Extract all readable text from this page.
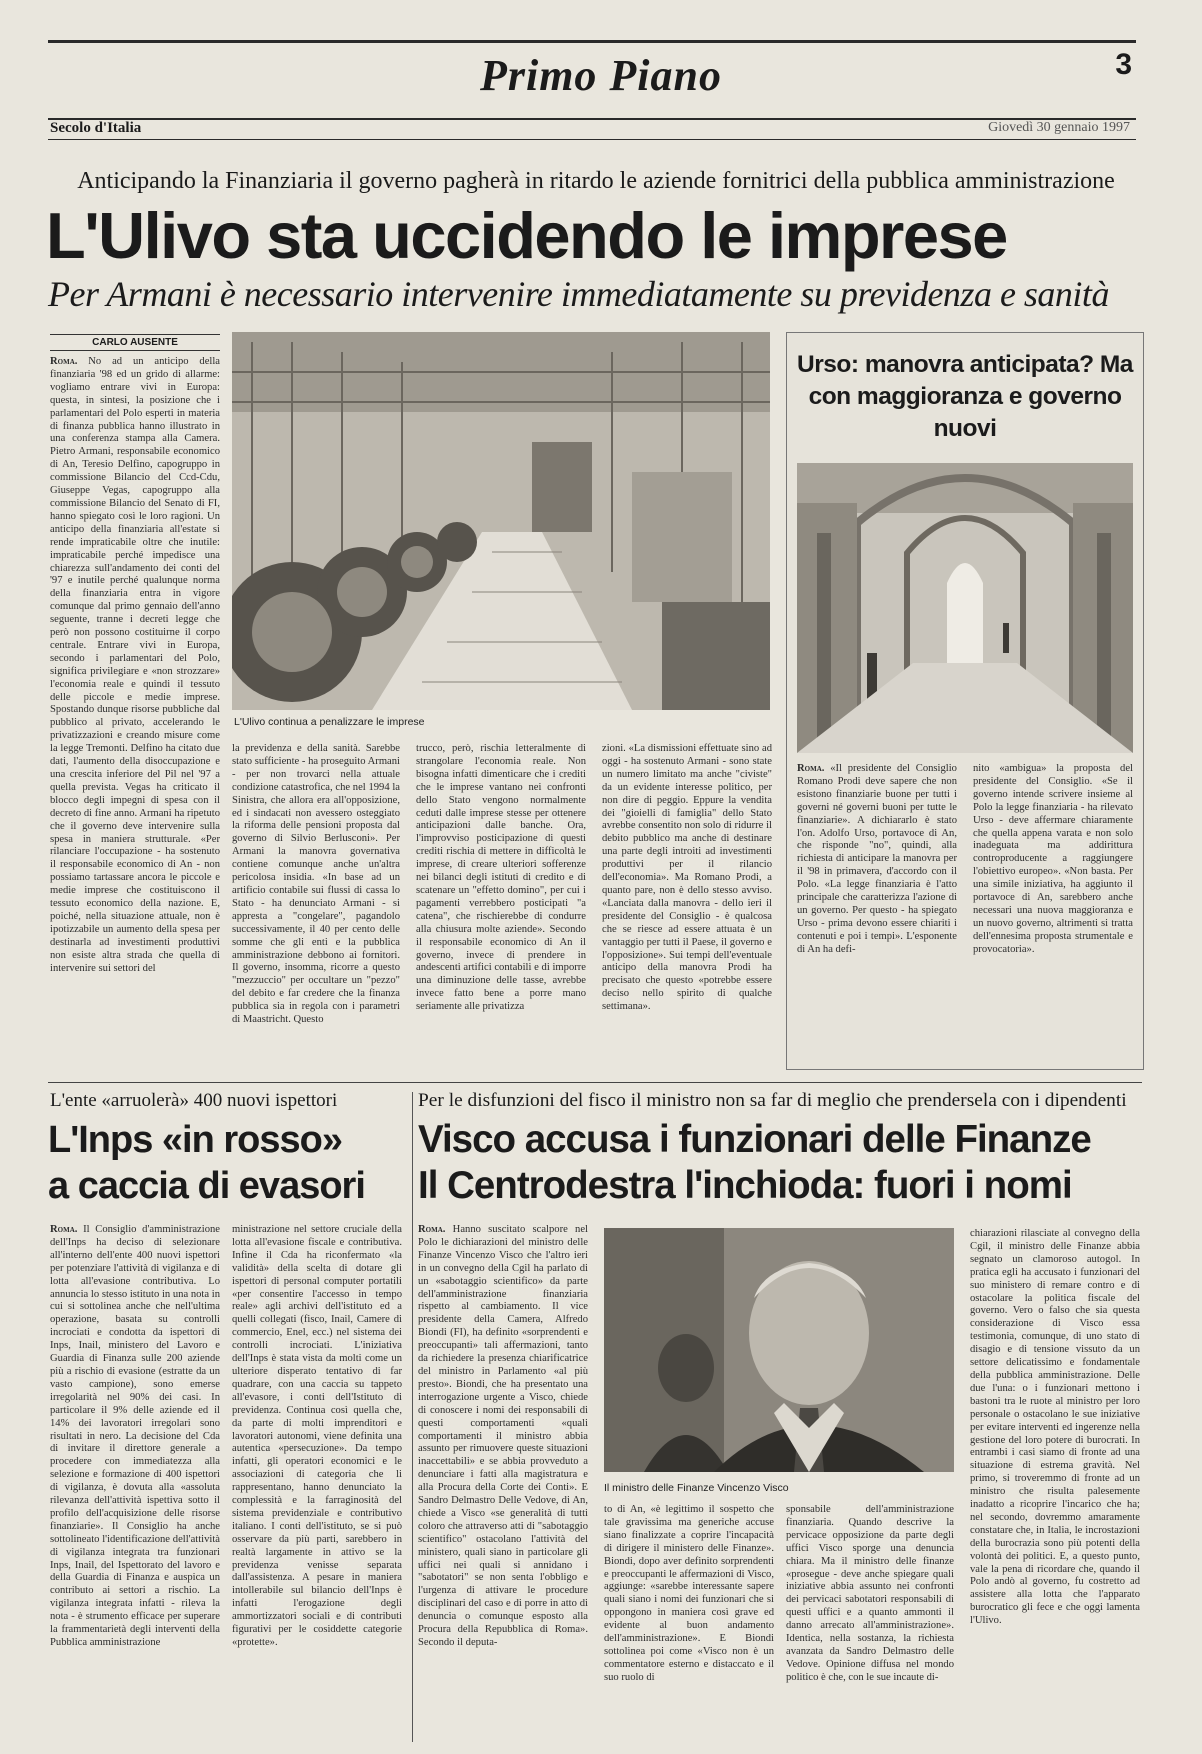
Primo Piano	3
Secolo d'Italia	Giovedì 30 gennaio 1997
Anticipando la Finanziaria il governo pagherà in ritardo le aziende fornitrici della pubblica amministrazione
L'Ulivo sta uccidendo le imprese
Per Armani è necessario intervenire immediatamente su previdenza e sanità
CARLO AUSENTE
Roma. No ad un anticipo della finanziaria '98 ed un grido di allarme: vogliamo entrare vivi in Europa: questa, in sintesi, la posizione che i parlamentari del Polo esperti in materia di finanza pubblica hanno illustrato in una conferenza stampa alla Camera. Pietro Armani, responsabile economico di An, Teresio Delfino, capogruppo in commissione Bilancio del Ccd-Cdu, Giuseppe Vegas, capogruppo alla commissione Bilancio del Senato di FI, hanno spiegato così le loro ragioni. Un anticipo della finanziaria all'estate si rende impraticabile oltre che inutile: impraticabile perché impedisce una chiarezza sull'andamento dei conti del '97 e inutile perché qualunque norma della finanziaria entra in vigore comunque dal primo gennaio dell'anno seguente, tranne i decreti legge che però non possono costituirne il corpo centrale. Entrare vivi in Europa, secondo i parlamentari del Polo, significa privilegiare e «non strozzare» l'economia reale e quindi il tessuto delle piccole e medie imprese. Spostando dunque risorse pubbliche dal pubblico al privato, accelerando le privatizzazioni e creando misure come la legge Tremonti. Delfino ha citato due dati, l'aumento della disoccupazione e una crescita inferiore del Pil nel '97 a quella prevista. Vegas ha criticato il blocco degli impegni di spesa con il decreto di fine anno. Armani ha ripetuto che il governo deve intervenire sulla spesa in maniera strutturale. «Per rilanciare l'occupazione - ha sostenuto il responsabile economico di An - non possiamo tartassare ancora le piccole e medie imprese che costituiscono il tessuto economico della nazione. E, poiché, nella situazione attuale, non è ipotizzabile un aumento della spesa per destinarla ad investimenti produttivi non esiste altra strada che quella di intervenire sui settori del
L'Ulivo continua a penalizzare le imprese
la previdenza e della sanità. Sarebbe stato sufficiente - ha proseguito Armani - per non trovarci nella attuale condizione catastrofica, che nel 1994 la Sinistra, che allora era all'opposizione, ed i sindacati non avessero osteggiato la riforma delle pensioni proposta dal governo di Silvio Berlusconi». Per Armani la manovra governativa contiene comunque anche un'altra pericolosa insidia. «In base ad un artificio contabile sui flussi di cassa lo Stato - ha denunciato Armani - si appresta a "congelare", pagandolo successivamente, il 40 per cento delle somme che gli enti e la pubblica amministrazione debbono ai fornitori. Il governo, insomma, ricorre a questo "mezzuccio" per occultare un "pezzo" del debito e far credere che la finanza pubblica sia in regola con i parametri di Maastricht. Questo
trucco, però, rischia letteralmente di strangolare l'economia reale. Non bisogna infatti dimenticare che i crediti che le imprese vantano nei confronti dello Stato vengono normalmente ceduti dalle imprese stesse per ottenere anticipazioni dalle banche. Ora, l'improvviso posticipazione di questi crediti rischia di mettere in difficoltà le imprese, di creare ulteriori sofferenze nei bilanci degli istituti di credito e di scatenare un "effetto domino", per cui i pagamenti verrebbero posticipati "a catena", che rischierebbe di condurre alla chiusura molte aziende». Secondo il responsabile economico di An il governo, invece di prendere in andescenti artifici contabili e di imporre una diminuzione delle tasse, avrebbe invece fatto bene a porre mano seriamente alle privatizza
zioni. «La dismissioni effettuate sino ad oggi - ha sostenuto Armani - sono state un numero limitato ma anche "civiste" da un evidente interesse politico, per non dire di peggio. Eppure la vendita dei "gioielli di famiglia" dello Stato avrebbe consentito non solo di ridurre il debito pubblico ma anche di destinare una parte degli introiti ad investimenti produttivi per il rilancio dell'economia». Ma Romano Prodi, a quanto pare, non è dello stesso avviso. «Lanciata dalla manovra - dello ieri il presidente del Consiglio - è qualcosa che se riesce ad essere attuata è un vantaggio per tutti il Paese, il governo e l'opposizione». Sui tempi dell'eventuale anticipo della manovra Prodi ha precisato che questo «potrebbe essere deciso nello spirito di qualche settimana».
Urso: manovra anticipata? Ma con maggioranza e governo nuovi
Roma. «Il presidente del Consiglio Romano Prodi deve sapere che non esistono finanziarie buone per tutti i governi né governi buoni per tutte le finanziarie». A dichiararlo è stato l'on. Adolfo Urso, portavoce di An, che risponde "no", quindi, alla richiesta di anticipare la manovra per il '98 in primavera, d'accordo con il Polo. «La legge finanziaria è l'atto principale che caratterizza l'azione di un governo. Per questo - ha spiegato Urso - prima devono essere chiariti i contenuti e poi i tempi». L'esponente di An ha defi-
nito «ambigua» la proposta del presidente del Consiglio. «Se il governo intende scrivere insieme al Polo la legge finanziaria - ha rilevato Urso - deve affermare chiaramente che quella appena varata e non solo inadeguata ma addirittura controproducente a raggiungere l'obiettivo europeo». «Non basta. Per una simile iniziativa, ha aggiunto il portavoce di An, sarebbero anche necessari una nuova maggioranza e un nuovo governo, altrimenti si tratta dell'ennesima proposta strumentale e provocatoria».
L'ente «arruolerà» 400 nuovi ispettori
L'Inps «in rosso»
a caccia di evasori
Roma. Il Consiglio d'amministrazione dell'Inps ha deciso di selezionare all'interno dell'ente 400 nuovi ispettori per potenziare l'attività di vigilanza e di lotta all'evasione contributiva. Lo annuncia lo stesso istituto in una nota in cui si sottolinea anche che nell'ultima operazione, basata su controlli incrociati e condotta da ispettori di Inps, Inail, ministero del Lavoro e Guardia di Finanza sulle 200 aziende più a rischio di evasione (estratte da un vasto campione), sono emerse irregolarità nel 90% dei casi. In particolare il 9% delle aziende ed il 14% dei lavoratori irregolari sono risultati in nero. La decisione del Cda di invitare il direttore generale a procedere con immediatezza alla selezione e formazione di 400 ispettori di vigilanza, è dovuta alla «assoluta rilevanza dell'attività ispettiva sotto il profilo dell'acquisizione delle risorse finanziarie». Il Consiglio ha anche sottolineato l'identificazione dell'attività di vigilanza integrata tra funzionari Inps, Inail, del Ispettorato del lavoro e della Guardia di Finanza e auspica un contributo ai settori a rischio. La vigilanza integrata infatti - rileva la nota - è strumento efficace per superare la frammentarietà degli interventi della Pubblica amministrazione
ministrazione nel settore cruciale della lotta all'evasione fiscale e contributiva. Infine il Cda ha riconfermato «la validità» della scelta di dotare gli ispettori di personal computer portatili «per consentire l'accesso in tempo reale» agli archivi dell'istituto ed a quelli collegati (fisco, Inail, Camere di commercio, Enel, ecc.) nel sistema dei controlli incrociati. L'iniziativa dell'Inps è stata vista da molti come un ulteriore disperato tentativo di far quadrare, con una caccia su tappeto all'evasore, i conti dell'Istituto di previdenza. Continua così quella che, da parte di molti imprenditori e lavoratori autonomi, viene definita una autentica «persecuzione». Da tempo infatti, gli operatori economici e le associazioni di categoria che li rappresentano, hanno denunciato la complessità e la farraginosità del sistema previdenziale e contributivo italiano. I conti dell'istituto, se si può osservare da più parti, sarebbero in realtà largamente in attivo se la previdenza venisse separata dall'assistenza. A pesare in maniera intollerabile sul bilancio dell'Inps è infatti l'erogazione degli ammortizzatori sociali e di contributi figurativi per le cosiddette categorie «protette».
Per le disfunzioni del fisco il ministro non sa far di meglio che prendersela con i dipendenti
Visco accusa i funzionari delle Finanze
Il Centrodestra l'inchioda: fuori i nomi
Roma. Hanno suscitato scalpore nel Polo le dichiarazioni del ministro delle Finanze Vincenzo Visco che l'altro ieri in un convegno della Cgil ha parlato di un «sabotaggio scientifico» da parte dell'amministrazione finanziaria rispetto al cambiamento. Il vice presidente della Camera, Alfredo Biondi (FI), ha definito «sorprendenti e preoccupanti» tali affermazioni, tanto da richiedere la presenza chiarificatrice del ministro in Parlamento «al più presto». Biondi, che ha presentato una interrogazione urgente a Visco, chiede di conoscere i nomi dei responsabili di questi comportamenti «quali comportamenti il ministro abbia assunto per rimuovere queste situazioni inaccettabili» e se abbia provveduto a denunciare i fatti alla magistratura e alla Procura della Corte dei Conti». E Sandro Delmastro Delle Vedove, di An, chiede a Visco «se generalità di tutti coloro che attraverso atti di "sabotaggio scientifico" ostacolano l'attività del ministero, quali siano in particolare gli uffici nei quali si annidano i "sabotatori" se non senta l'obbligo e l'urgenza di attivare le procedure disciplinari del caso e di porre in atto di denuncia o comunque esposto alla Procura della Repubblica di Roma». Secondo il deputa-
Il ministro delle Finanze Vincenzo Visco
to di An, «è legittimo il sospetto che tale gravissima ma generiche accuse siano finalizzate a coprire l'incapacità di dirigere il ministero delle Finanze». Biondi, dopo aver definito sorprendenti e preoccupanti le affermazioni di Visco, aggiunge: «sarebbe interessante sapere quali siano i nomi dei funzionari che si oppongono in maniera così grave ed evidente al buon andamento dell'amministrazione». E Biondi sottolinea poi come «Visco non è un commentatore esterno e distaccato e il suo ruolo di
sponsabile dell'amministrazione finanziaria. Quando descrive la pervicace opposizione da parte degli uffici Visco sporge una denuncia chiara. Ma il ministro delle finanze «prosegue - deve anche spiegare quali iniziative abbia assunto nei confronti dei pervicaci sabotatori responsabili di questi uffici e a quanto ammonti il danno arrecato all'amministrazione». Identica, nella sostanza, la richiesta avanzata da Sandro Delmastro delle Vedove. Opinione diffusa nel mondo politico è che, con le sue incaute di-
chiarazioni rilasciate al convegno della Cgil, il ministro delle Finanze abbia segnato un clamoroso autogol. In pratica egli ha accusato i funzionari del suo ministero di remare contro e di ostacolare la politica fiscale del governo. Vero o falso che sia questa considerazione di Visco essa testimonia, comunque, di uno stato di disagio e di tensione vissuto da un settore delicatissimo e fondamentale della pubblica amministrazione. Delle due l'una: o i funzionari mettono i bastoni tra le ruote al ministro per loro personale o ostacolano le sue iniziative per evitare interventi ed ingerenze nella gestione del loro potere di burocrati. In entrambi i casi siamo di fronte ad una situazione di estrema gravità. Nel primo, si troveremmo di fronte ad un ministro che risulta palesemente inadatto a ricoprire l'incarico che ha; nel secondo, dovremmo amaramente constatare che, in Italia, le incrostazioni della burocrazia sono più potenti della volontà dei politici. E, a questo punto, vale la pena di ricordare che, quando il Polo andò al governo, fu costretto ad assistere alla lotta che l'apparato burocratico gli fece e che oggi lamenta l'Ulivo.
